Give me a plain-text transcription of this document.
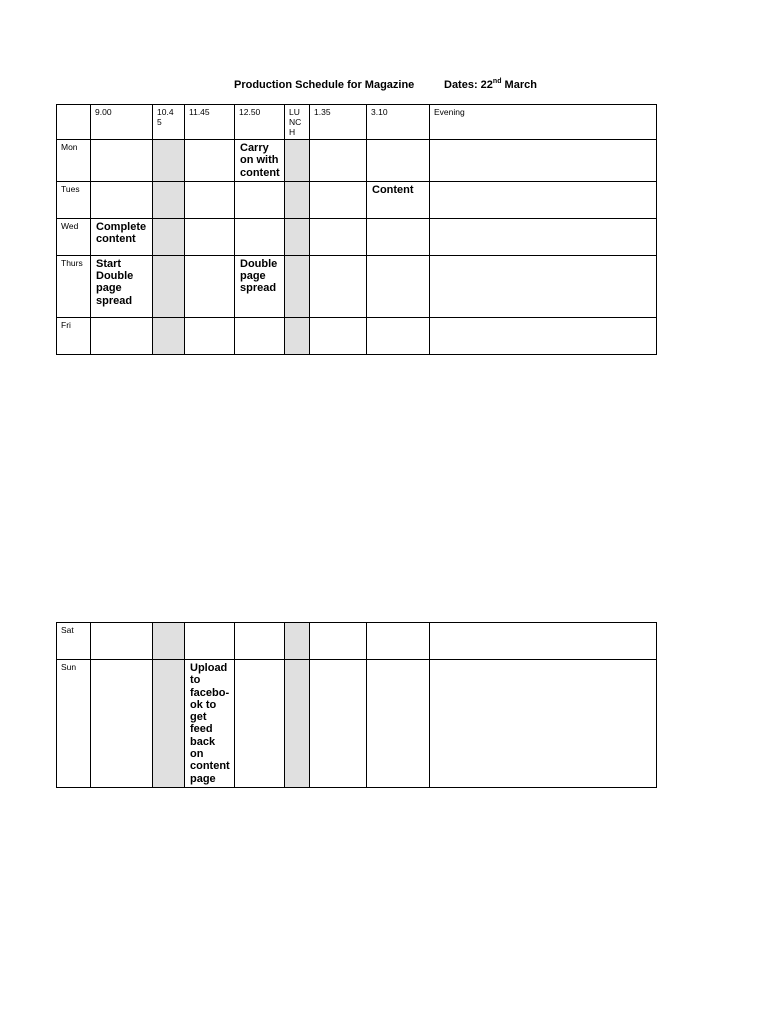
Production Schedule for Magazine	Dates: 22nd March
	9.00	10.4 5	11.45	12.50	LU NC H	1.35	3.10	Evening
Mon				Carry on with content				

Tues							Content	

Wed	Complete content							

Thurs	Start Double page spread			Double page spread				

Fri								
Sat								
Sun			Upload to facebo- ok to get feed back on content page					
